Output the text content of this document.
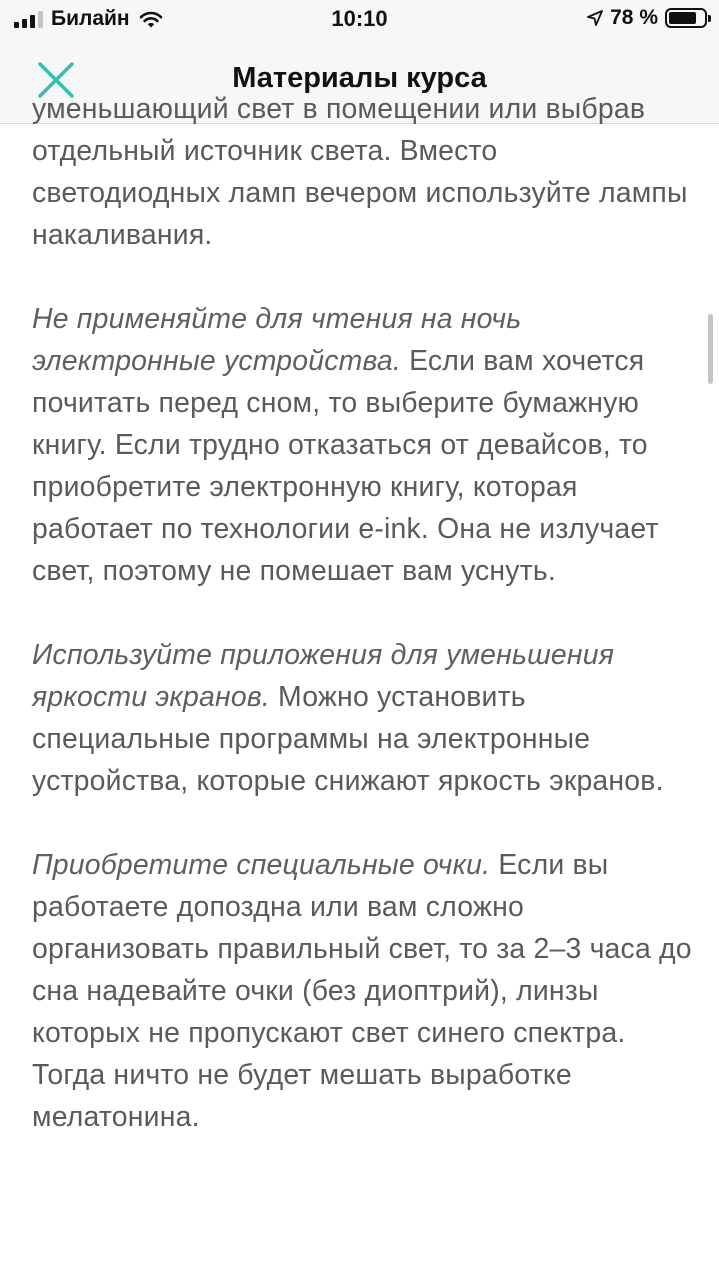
Билайн	10:10	78 %
Материалы курса
уменьшающий свет в помещении или выбрав

отдельный источник света. Вместо светодиодных ламп вечером используйте лампы накаливания.

Не применяйте для чтения на ночь электронные устройства. Если вам хочется почитать перед сном, то выберите бумажную книгу. Если трудно отказаться от девайсов, то приобретите электронную книгу, которая работает по технологии e-ink. Она не излучает свет, поэтому не помешает вам уснуть.

Используйте приложения для уменьшения яркости экранов. Можно установить специальные программы на электронные устройства, которые снижают яркость экранов.

Приобретите специальные очки. Если вы работаете допоздна или вам сложно организовать правильный свет, то за 2–3 часа до сна надевайте очки (без диоптрий), линзы которых не пропускают свет синего спектра. Тогда ничто не будет мешать выработке мелатонина.
